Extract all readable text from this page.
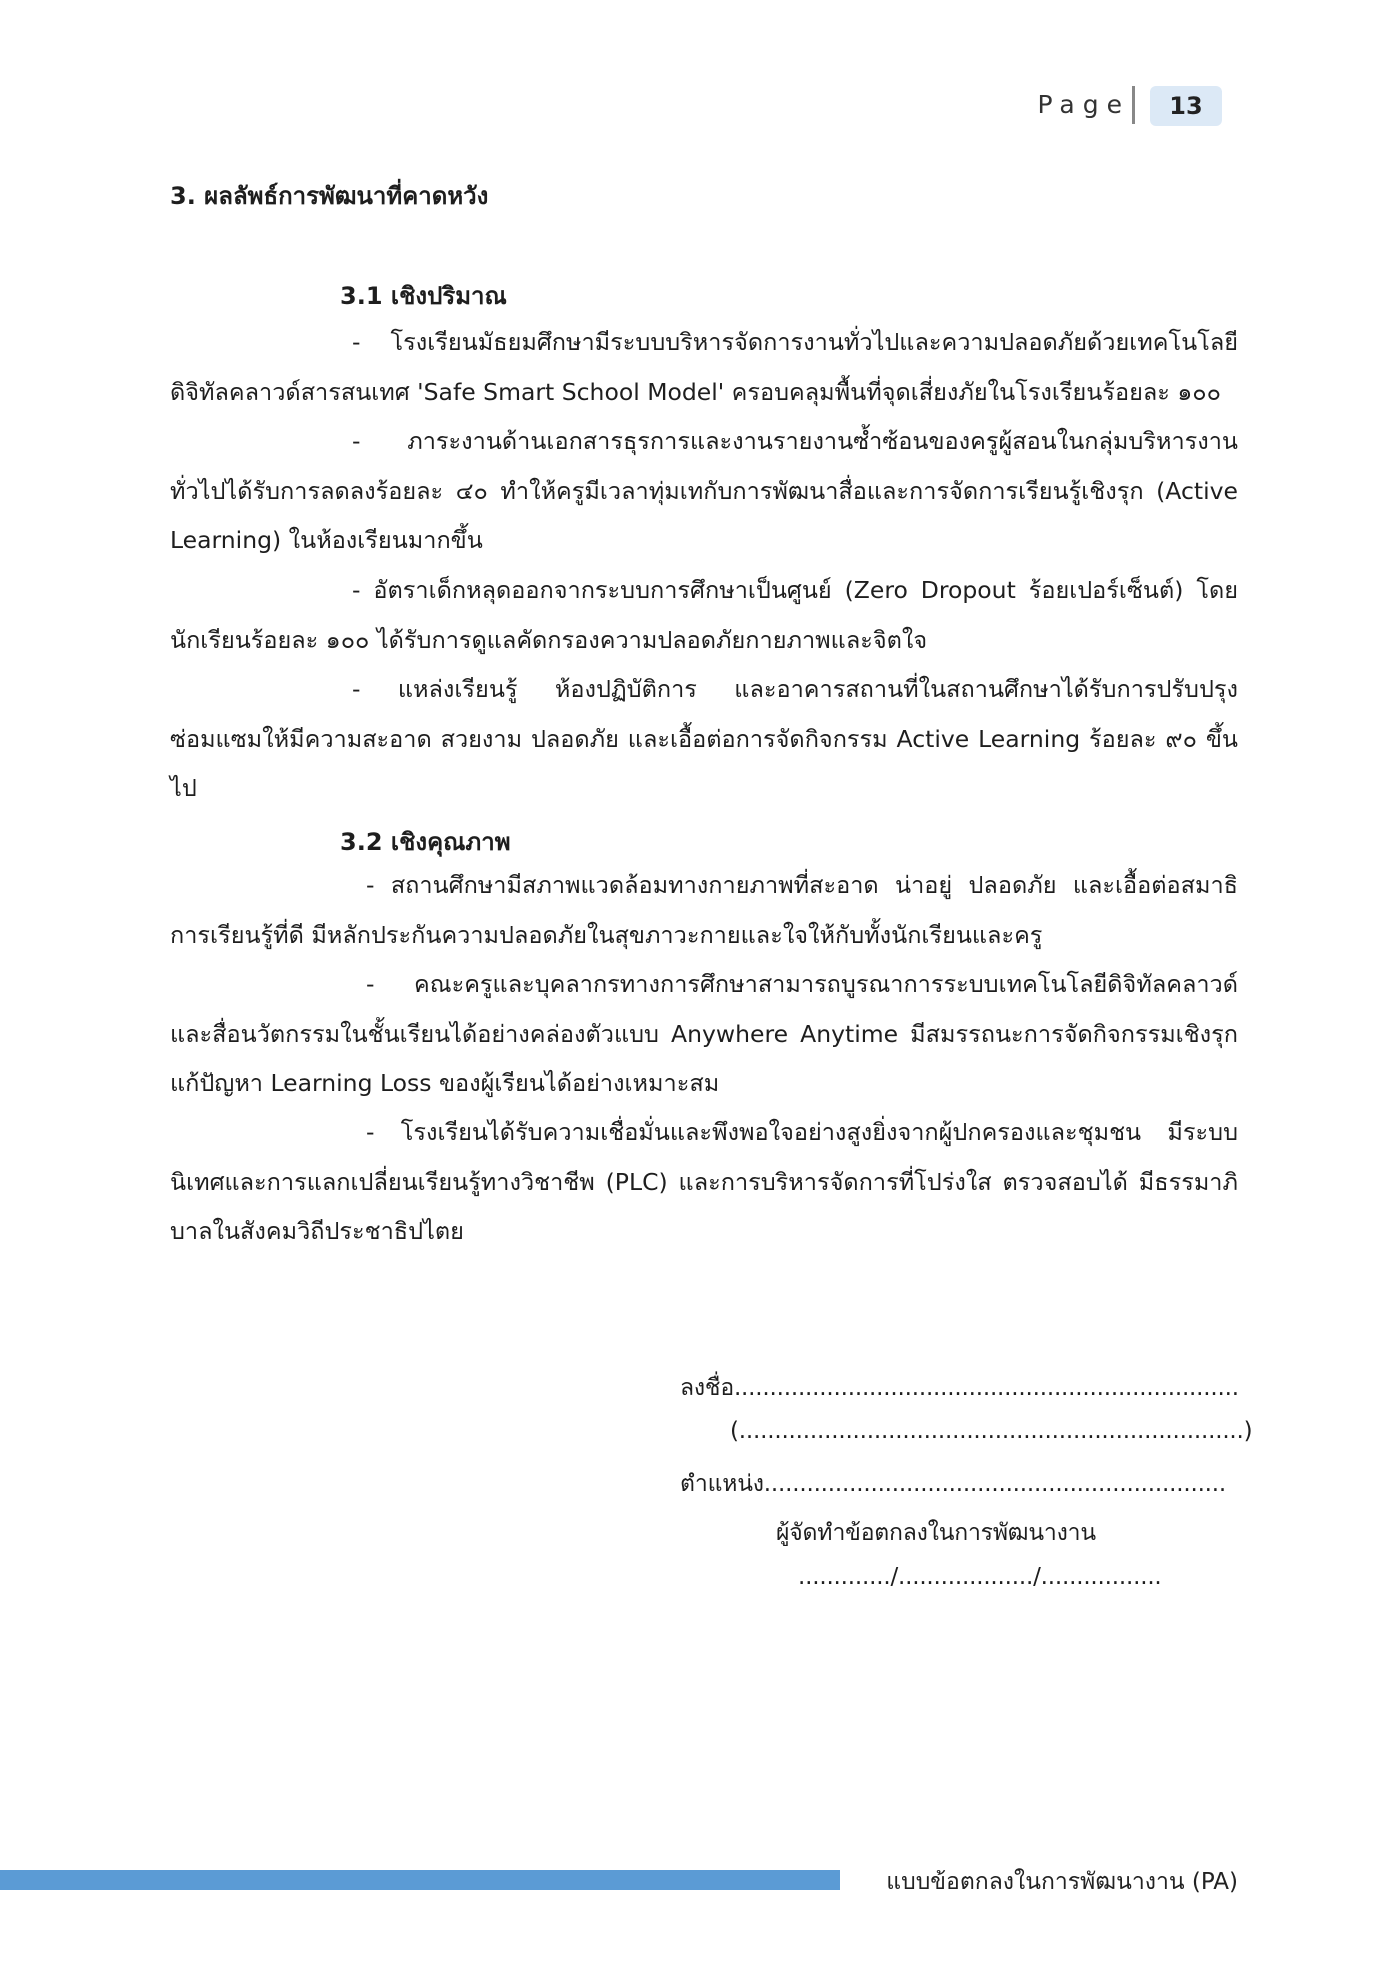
Page	13
3. ผลลัพธ์การพัฒนาที่คาดหวัง
3.1 เชิงปริมาณ

- โรงเรียนมัธยมศึกษามีระบบบริหารจัดการงานทั่วไปและความปลอดภัยด้วยเทคโนโลยีดิจิทัลคลาวด์สารสนเทศ 'Safe Smart School Model' ครอบคลุมพื้นที่จุดเสี่ยงภัยในโรงเรียนร้อยละ ๑๐๐

- ภาระงานด้านเอกสารธุรการและงานรายงานซ้ำซ้อนของครูผู้สอนในกลุ่มบริหารงานทั่วไปได้รับการลดลงร้อยละ ๔๐ ทำให้ครูมีเวลาทุ่มเทกับการพัฒนาสื่อและการจัดการเรียนรู้เชิงรุก (Active Learning) ในห้องเรียนมากขึ้น

- อัตราเด็กหลุดออกจากระบบการศึกษาเป็นศูนย์ (Zero Dropout ร้อยเปอร์เซ็นต์) โดยนักเรียนร้อยละ ๑๐๐ ได้รับการดูแลคัดกรองความปลอดภัยกายภาพและจิตใจ

- แหล่งเรียนรู้ ห้องปฏิบัติการ และอาคารสถานที่ในสถานศึกษาได้รับการปรับปรุงซ่อมแซมให้มีความสะอาด สวยงาม ปลอดภัย และเอื้อต่อการจัดกิจกรรม Active Learning ร้อยละ ๙๐ ขึ้นไป

3.2 เชิงคุณภาพ

- สถานศึกษามีสภาพแวดล้อมทางกายภาพที่สะอาด น่าอยู่ ปลอดภัย และเอื้อต่อสมาธิการเรียนรู้ที่ดี มีหลักประกันความปลอดภัยในสุขภาวะกายและใจให้กับทั้งนักเรียนและครู

- คณะครูและบุคลากรทางการศึกษาสามารถบูรณาการระบบเทคโนโลยีดิจิทัลคลาวด์และสื่อนวัตกรรมในชั้นเรียนได้อย่างคล่องตัวแบบ Anywhere Anytime มีสมรรถนะการจัดกิจกรรมเชิงรุกแก้ปัญหา Learning Loss ของผู้เรียนได้อย่างเหมาะสม

- โรงเรียนได้รับความเชื่อมั่นและพึงพอใจอย่างสูงยิ่งจากผู้ปกครองและชุมชน มีระบบนิเทศและการแลกเปลี่ยนเรียนรู้ทางวิชาชีพ (PLC) และการบริหารจัดการที่โปร่งใส ตรวจสอบได้ มีธรรมาภิบาลในสังคมวิถีประชาธิปไตย

ลงชื่อ.......................................................................
(.......................................................................)
ตำแหน่ง.................................................................
ผู้จัดทำข้อตกลงในการพัฒนางาน
............./.................../.................
แบบข้อตกลงในการพัฒนางาน (PA)
